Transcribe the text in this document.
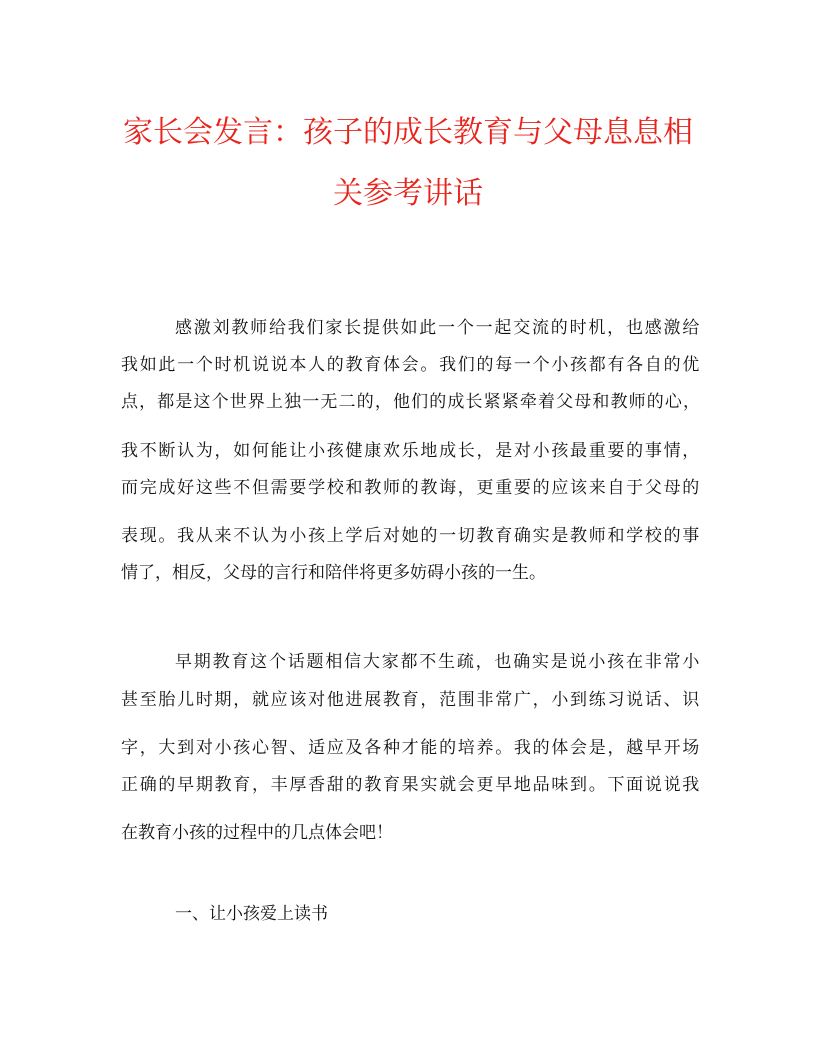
家长会发言：孩子的成长教育与父母息息相
关参考讲话
感激刘教师给我们家长提供如此一个一起交流的时机，也感激给
我如此一个时机说说本人的教育体会。我们的每一个小孩都有各自的优
点，都是这个世界上独一无二的，他们的成长紧紧牵着父母和教师的心，
我不断认为，如何能让小孩健康欢乐地成长，是对小孩最重要的事情，
而完成好这些不但需要学校和教师的教诲，更重要的应该来自于父母的
表现。我从来不认为小孩上学后对她的一切教育确实是教师和学校的事
情了，相反，父母的言行和陪伴将更多妨碍小孩的一生。
早期教育这个话题相信大家都不生疏，也确实是说小孩在非常小
甚至胎儿时期，就应该对他进展教育，范围非常广，小到练习说话、识
字，大到对小孩心智、适应及各种才能的培养。我的体会是，越早开场
正确的早期教育，丰厚香甜的教育果实就会更早地品味到。下面说说我
在教育小孩的过程中的几点体会吧！
一、让小孩爱上读书
